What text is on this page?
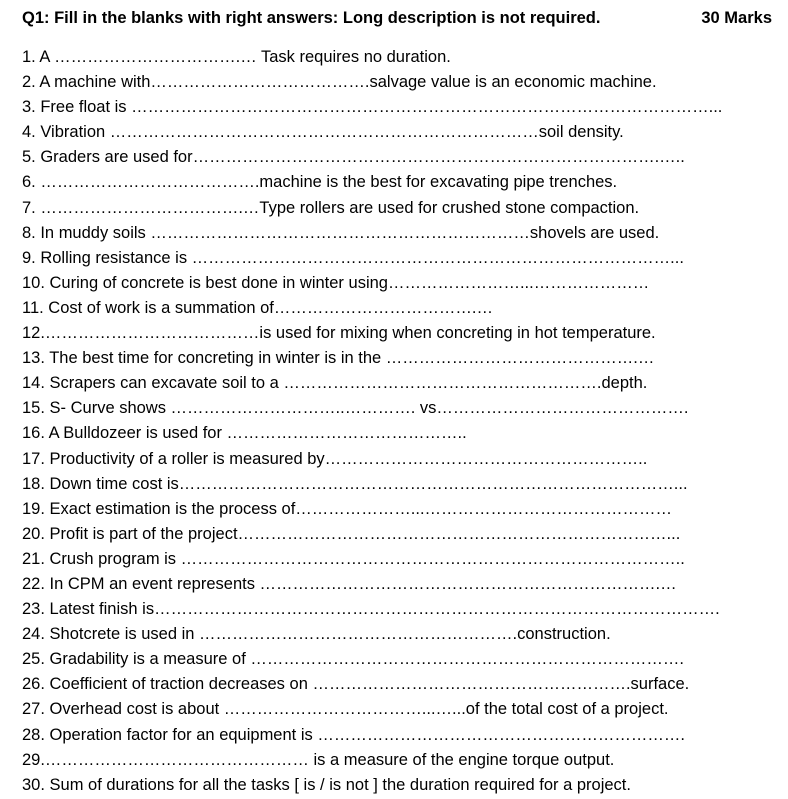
Q1: Fill in the blanks with right answers: Long description is not required.	30 Marks
1. A …………………………….… Task requires no duration.
2. A machine with………………………………….salvage value is an economic machine.
3. Free float is ……………………………………………………………………………………………...
4. Vibration ……………………………………………………………………soil density.
5. Graders are used for………………………………………………………………………….…..
6. ………………………………….machine is the best for excavating pipe trenches.
7. ……………………………….…Type rollers are used for crushed stone compaction.
8. In muddy soils ……………………………………………………………shovels are used.
9. Rolling resistance is ……………………………………………………………………………...
10. Curing of concrete is best done in winter using……………………...…………………
11. Cost of work is a summation of……………………………….…
12.…………………………………is used for mixing when concreting in hot temperature.
13. The best time for concreting in winter is in the ……………………………………….…
14. Scrapers can excavate soil to a ………………………………………………….depth.
15. S- Curve shows …………………………..…………. vs……………………………………….
16. A Bulldozeer is used for ……………………………………..
17. Productivity of a roller is measured by…………………………………………………..
18. Down time cost is………………………………………………………………………………...
19. Exact estimation is the process of…………………...………………………………………
20. Profit is part of the project……………………………………………………………………...
21. Crush program is ………………………………………………………………………………..
22. In CPM an event represents ……………………………………………………………….…
23. Latest finish is………………………………………………………………………………………….
24. Shotcrete is used in ………………………………………………….construction.
25. Gradability is a measure of …………………………………………………………………….
26. Coefficient of traction decreases on ………………………………………………….surface.
27. Overhead cost is about ………………………………...…...of the total cost of a project.
28. Operation factor for an equipment is ………………………………………………………….
29.………………………………………… is a measure of the engine torque output.
30. Sum of durations for all the tasks [ is / is not ] the duration required for a project.
